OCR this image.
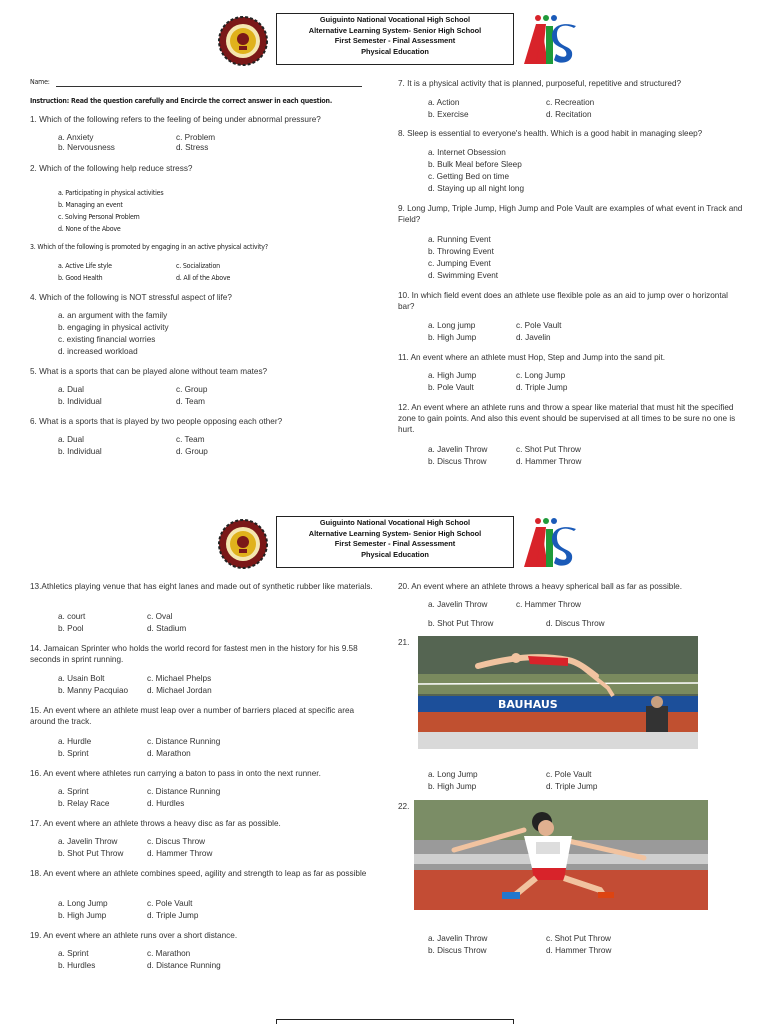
Guiguinto National Vocational High School
Alternative Learning System- Senior High School
First Semester - Final Assessment
Physical Education
Name:
Instruction: Read the question carefully and Encircle the correct answer in each question.
1. Which of the following refers to the feeling of being under abnormal pressure?
a. Anxiety
b. Nervousness
c. Problem
d. Stress
2. Which of the following help reduce stress?
a. Participating in physical activities
b. Managing an event
c. Solving Personal Problem
d. None of the Above
3. Which of the following is promoted by engaging in an active physical activity?
a. Active Life style
b. Good Health
c. Socialization
d. All of the Above
4. Which of the following is NOT stressful aspect of life?
a. an argument with the family
b. engaging in physical activity
c. existing financial worries
d. increased workload
5. What is a sports that can be played alone without team mates?
a. Dual
b. Individual
c. Group
d. Team
6. What is a sports that is played by two people opposing each other?
a. Dual
b. Individual
c. Team
d. Group
7. It is a physical activity that is planned, purposeful, repetitive and structured?
a. Action
b. Exercise
c. Recreation
d. Recitation
8. Sleep is essential to everyone's health. Which is a good habit in managing sleep?
a. Internet Obsession
b. Bulk Meal before Sleep
c. Getting Bed on time
d. Staying up all night long
9. Long Jump, Triple Jump, High Jump and Pole Vault are examples of what event in Track and Field?
a. Running Event
b. Throwing Event
c. Jumping Event
d. Swimming Event
10. In which field event does an athlete use flexible pole as an aid to jump over o horizontal bar?
a. Long jump
b. High Jump
c. Pole Vault
d. Javelin
11. An event where an athlete must Hop, Step and Jump into the sand pit.
a. High Jump
b. Pole Vault
c. Long Jump
d. Triple Jump
12. An event where an athlete runs and throw a spear like material that must hit the specified zone to gain points. And also this event should be supervised at all times to be sure no one is hurt.
a. Javelin Throw
b. Discus Throw
c. Shot Put Throw
d. Hammer Throw
Guiguinto National Vocational High School
Alternative Learning System- Senior High School
First Semester - Final Assessment
Physical Education
13.Athletics playing venue that has eight lanes and made out of synthetic rubber like materials.
a. court
b. Pool
c. Oval
d. Stadium
14. Jamaican Sprinter who holds the world record for fastest men in the history for his 9.58 seconds in sprint running.
a. Usain Bolt
b. Manny Pacquiao
c. Michael Phelps
d. Michael Jordan
15. An event where an athlete must leap over a number of barriers placed at specific area around the track.
a. Hurdle
b. Sprint
c. Distance Running
d. Marathon
16. An event where athletes run carrying a baton to pass in onto the next runner.
a. Sprint
b. Relay Race
c. Distance Running
d. Hurdles
17. An event where an athlete throws a heavy disc as far as possible.
a. Javelin Throw
b. Shot Put Throw
c. Discus Throw
d. Hammer Throw
18. An event where an athlete combines speed, agility and strength to leap as far as possible
a. Long Jump
b. High Jump
c. Pole Vault
d. Triple Jump
19. An event where an athlete runs over a short distance.
a. Sprint
b. Hurdles
c. Marathon
d. Distance Running
20. An event where an athlete throws a heavy spherical ball as far as possible.
a. Javelin Throw
b. Shot Put Throw
c. Hammer Throw
d. Discus Throw
21.
BAUHAUS
a. Long Jump
b. High Jump
c. Pole Vault
d. Triple Jump
22.
a. Javelin Throw
b. Discus Throw
c. Shot Put Throw
d. Hammer Throw
